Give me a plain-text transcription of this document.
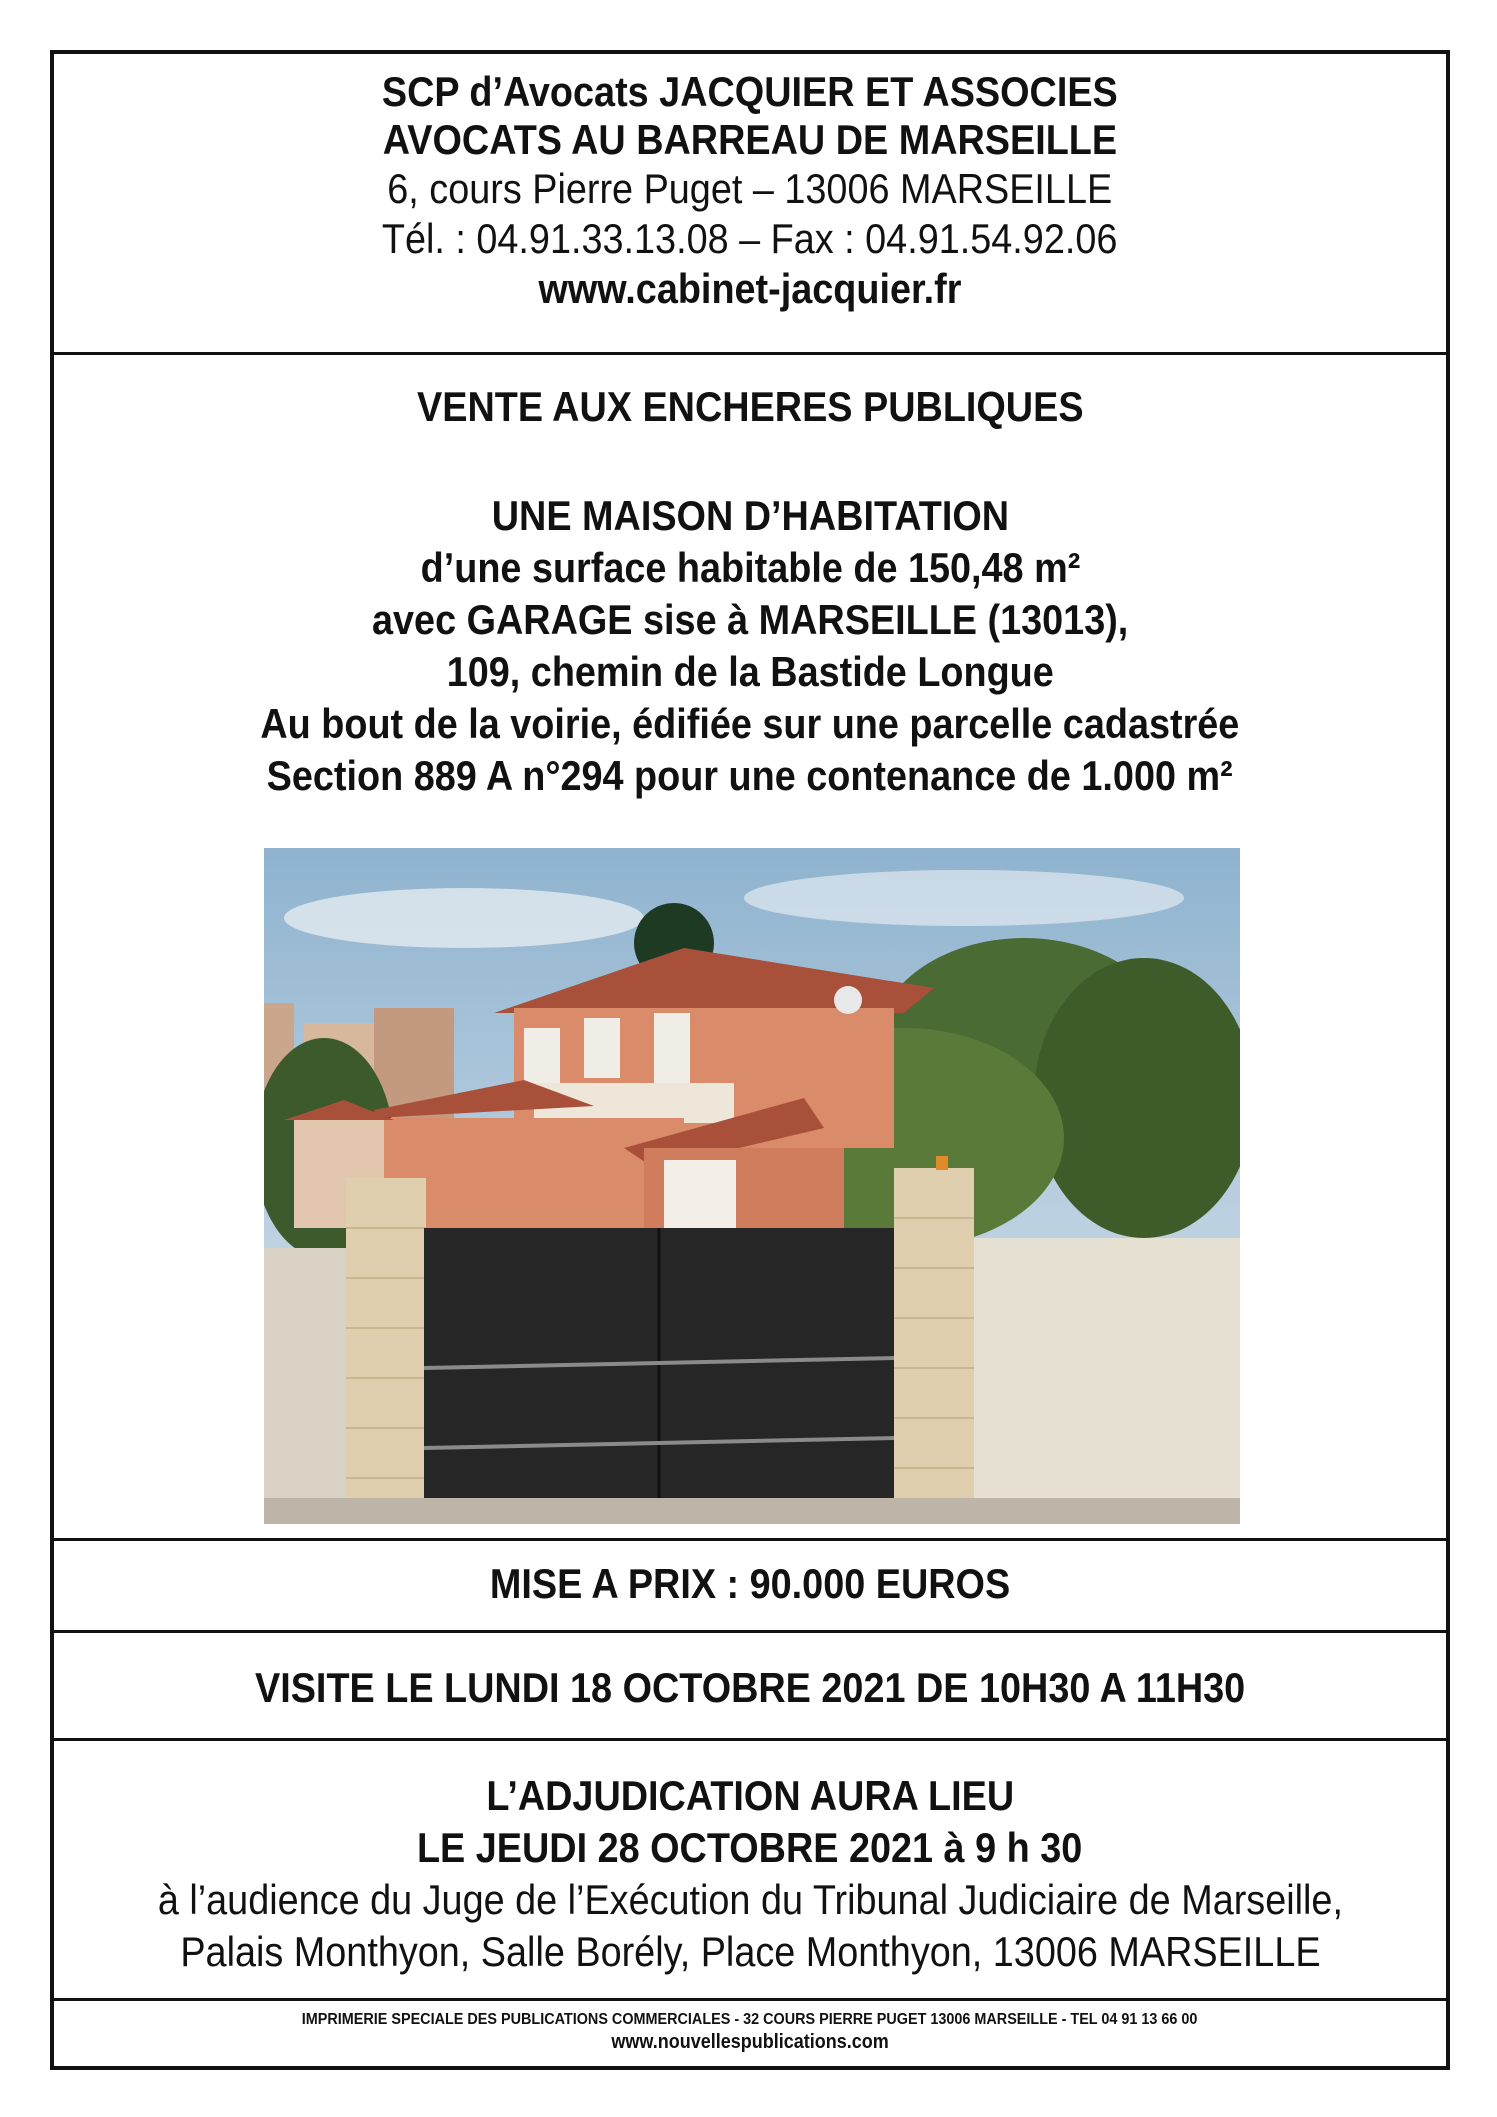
SCP d’Avocats JACQUIER ET ASSOCIES
AVOCATS AU BARREAU DE MARSEILLE
6, cours Pierre Puget – 13006 MARSEILLE
Tél. : 04.91.33.13.08 – Fax : 04.91.54.92.06
www.cabinet-jacquier.fr
VENTE AUX ENCHERES PUBLIQUES
UNE MAISON D’HABITATION
d’une surface habitable de 150,48 m²
avec GARAGE sise à MARSEILLE (13013),
109, chemin de la Bastide Longue
Au bout de la voirie, édifiée sur une parcelle cadastrée
Section 889 A n°294 pour une contenance de 1.000 m²
MISE A PRIX : 90.000 EUROS
VISITE LE LUNDI 18 OCTOBRE 2021 DE 10H30 A 11H30
L’ADJUDICATION AURA LIEU
LE JEUDI 28 OCTOBRE 2021 à 9 h 30
à l’audience du Juge de l’Exécution du Tribunal Judiciaire de Marseille,
Palais Monthyon, Salle Borély, Place Monthyon, 13006 MARSEILLE
IMPRIMERIE SPECIALE DES PUBLICATIONS COMMERCIALES - 32 COURS PIERRE PUGET 13006 MARSEILLE - TEL 04 91 13 66 00
www.nouvellespublications.com
